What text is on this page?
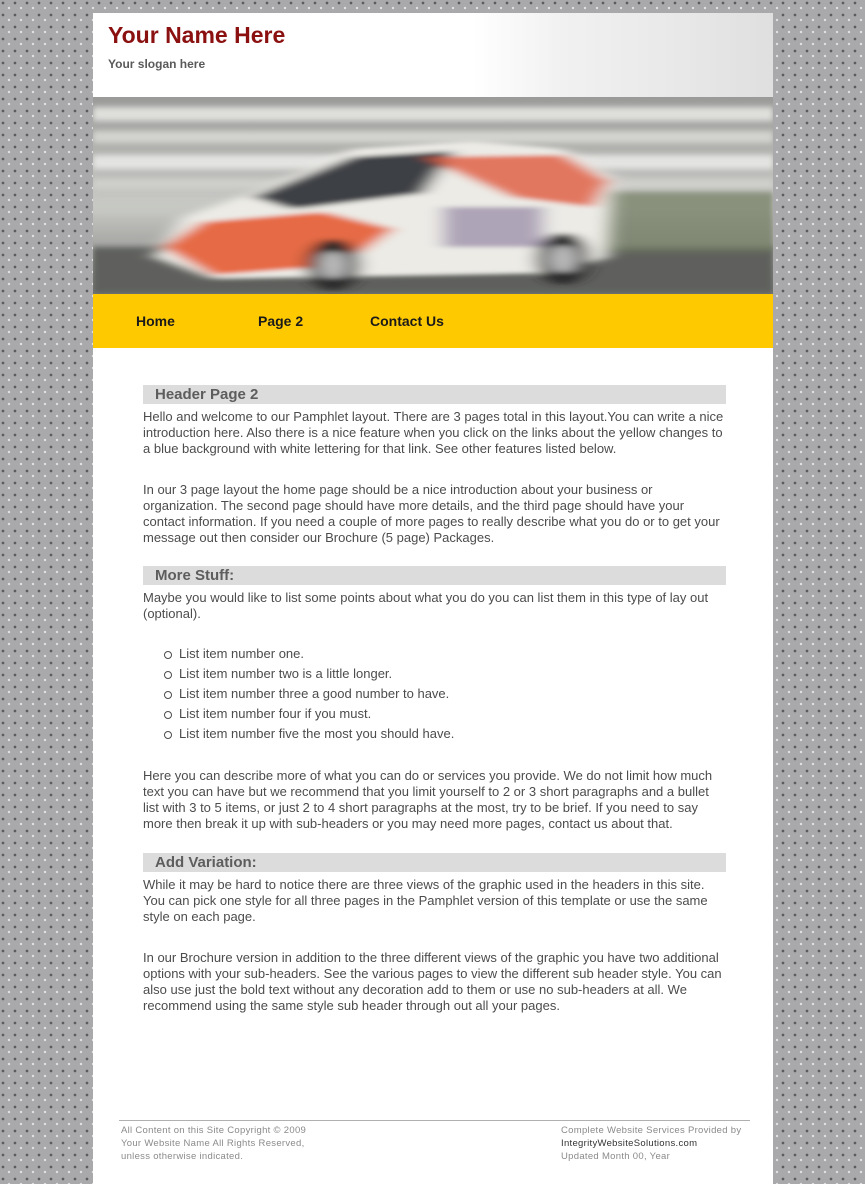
Your Name Here
Your slogan here
Home	Page 2	Contact Us
Header Page 2

Hello and welcome to our Pamphlet layout. There are 3 pages total in this layout.You can write a nice introduction here. Also there is a nice feature when you click on the links about the yellow changes to a blue background with white lettering for that link. See other features listed below.

In our 3 page layout the home page should be a nice introduction about your business or organization. The second page should have more details, and the third page should have your contact information. If you need a couple of more pages to really describe what you do or to get your message out then consider our Brochure (5 page) Packages.

More Stuff:

Maybe you would like to list some points about what you do you can list them in this type of lay out (optional).

List item number one.
List item number two is a little longer.
List item number three a good number to have.
List item number four if you must.
List item number five the most you should have.

Here you can describe more of what you can do or services you provide. We do not limit how much text you can have but we recommend that you limit yourself to 2 or 3 short paragraphs and a bullet list with 3 to 5 items, or just 2 to 4 short paragraphs at the most, try to be brief. If you need to say more then break it up with sub-headers or you may need more pages, contact us about that.

Add Variation:

While it may be hard to notice there are three views of the graphic used in the headers in this site. You can pick one style for all three pages in the Pamphlet version of this template or use the same style on each page.

In our Brochure version in addition to the three different views of the graphic you have two additional options with your sub-headers. See the various pages to view the different sub header style. You can also use just the bold text without any decoration add to them or use no sub-headers at all. We recommend using the same style sub header through out all your pages.

All Content on this Site Copyright © 2009
Your Website Name All Rights Reserved,
unless otherwise indicated.
Complete Website Services Provided by
IntegrityWebsiteSolutions.com
Updated Month 00, Year
